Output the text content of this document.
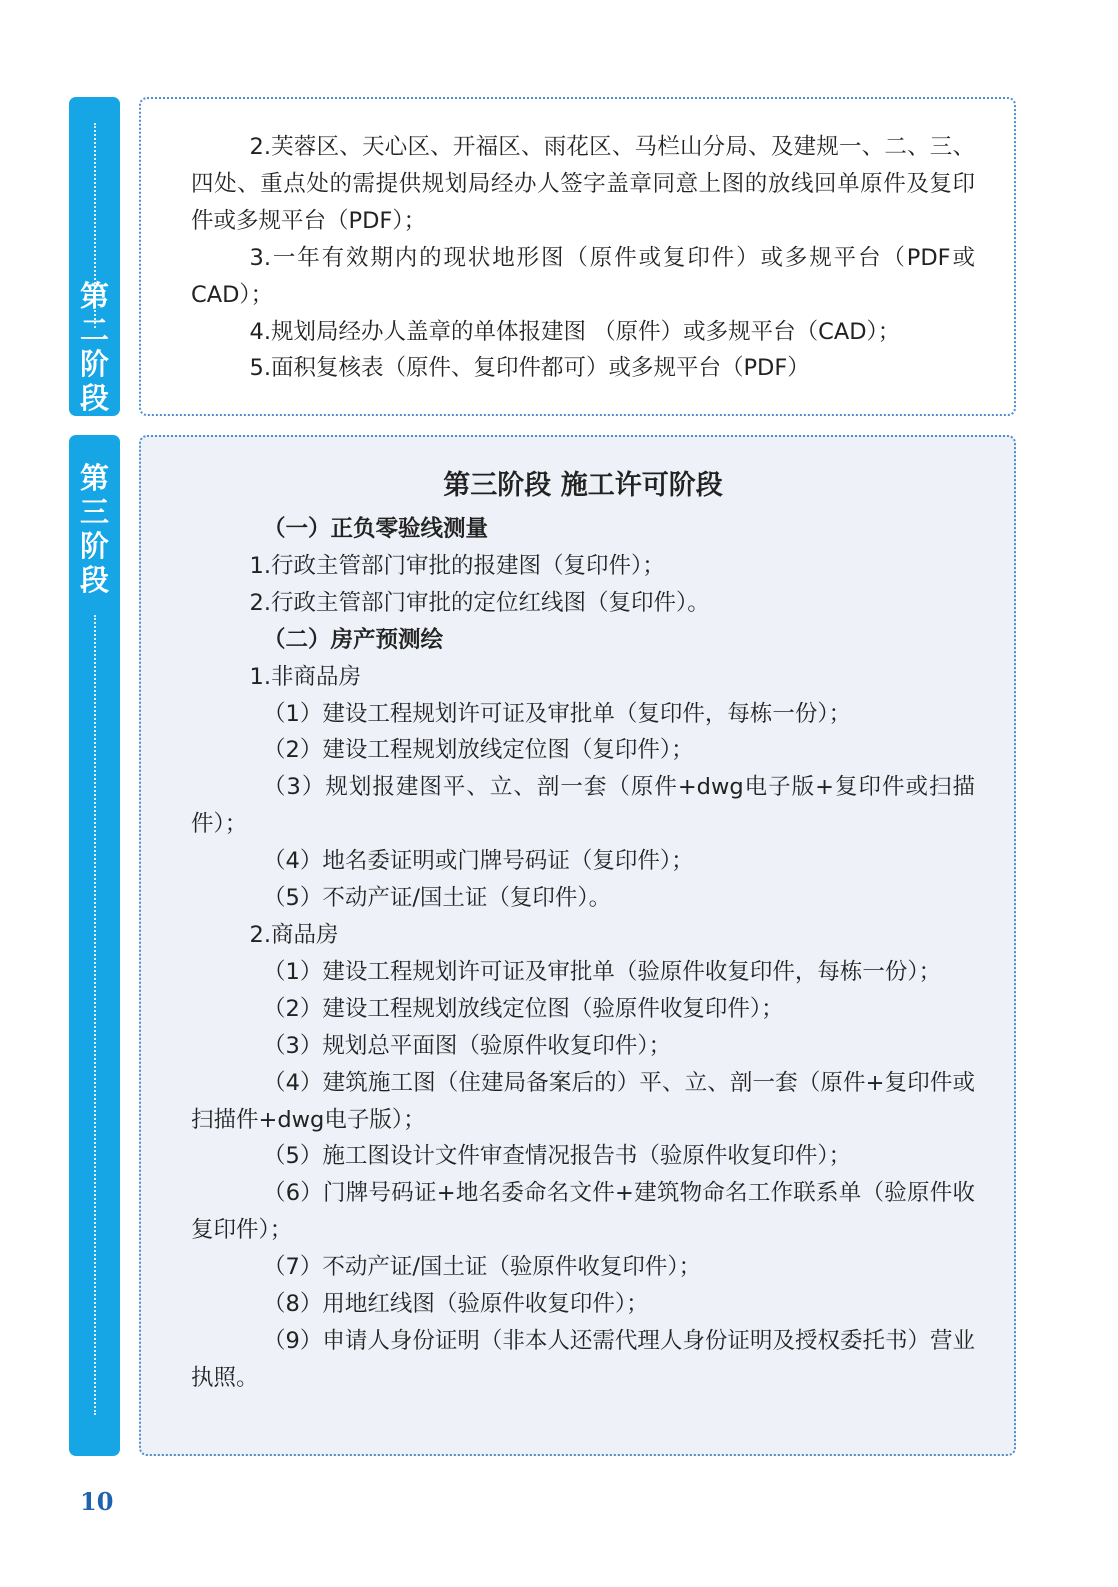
第
二
阶
段

2.芙蓉区、天心区、开福区、雨花区、马栏山分局、及建规一、二、三、四处、重点处的需提供规划局经办人签字盖章同意上图的放线回单原件及复印件或多规平台（PDF）；

3.一年有效期内的现状地形图（原件或复印件）或多规平台（PDF或CAD）；

4.规划局经办人盖章的单体报建图 （原件）或多规平台（CAD）；

5.面积复核表（原件、复印件都可）或多规平台（PDF）

第
三
阶
段
第三阶段 施工许可阶段

（一）正负零验线测量

1.行政主管部门审批的报建图（复印件）；

2.行政主管部门审批的定位红线图（复印件）。

（二）房产预测绘

1.非商品房

（1）建设工程规划许可证及审批单（复印件，每栋一份）；

（2）建设工程规划放线定位图（复印件）；

（3）规划报建图平、立、剖一套（原件+dwg电子版+复印件或扫描件）；

（4）地名委证明或门牌号码证（复印件）；

（5）不动产证/国土证（复印件）。

2.商品房

（1）建设工程规划许可证及审批单（验原件收复印件，每栋一份）；

（2）建设工程规划放线定位图（验原件收复印件）；

（3）规划总平面图（验原件收复印件）；

（4）建筑施工图（住建局备案后的）平、立、剖一套（原件+复印件或扫描件+dwg电子版）；

（5）施工图设计文件审查情况报告书（验原件收复印件）；

（6）门牌号码证+地名委命名文件+建筑物命名工作联系单（验原件收复印件）；

（7）不动产证/国土证（验原件收复印件）；

（8）用地红线图（验原件收复印件）；

（9）申请人身份证明（非本人还需代理人身份证明及授权委托书）营业执照。

10
